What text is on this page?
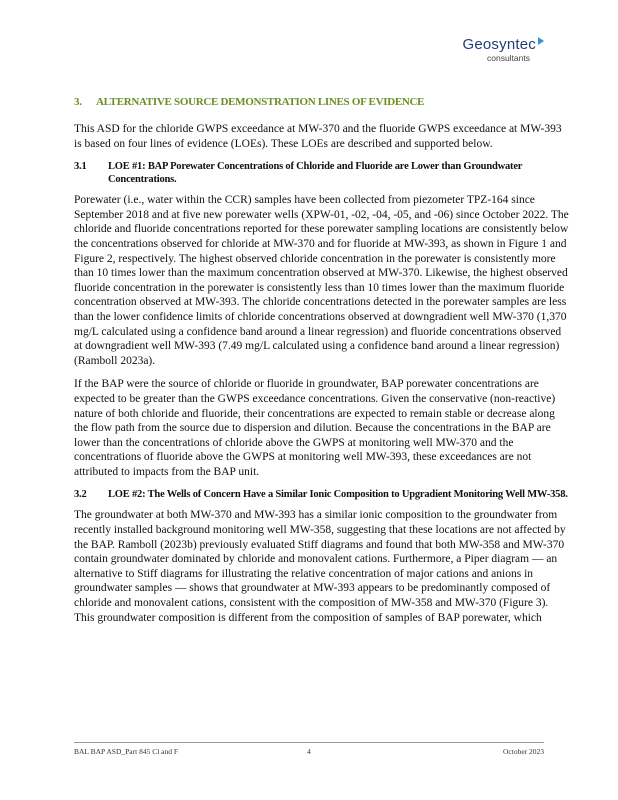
Geosyntec
consultants
3. ALTERNATIVE SOURCE DEMONSTRATION LINES OF EVIDENCE

This ASD for the chloride GWPS exceedance at MW-370 and the fluoride GWPS exceedance at MW-393 is based on four lines of evidence (LOEs). These LOEs are described and supported below.

3.1	LOE #1: BAP Porewater Concentrations of Chloride and Fluoride are Lower than Groundwater Concentrations.

Porewater (i.e., water within the CCR) samples have been collected from piezometer TPZ-164 since September 2018 and at five new porewater wells (XPW-01, -02, -04, -05, and -06) since October 2022. The chloride and fluoride concentrations reported for these porewater sampling locations are consistently below the concentrations observed for chloride at MW-370 and for fluoride at MW-393, as shown in Figure 1 and Figure 2, respectively. The highest observed chloride concentration in the porewater is consistently more than 10 times lower than the maximum concentration observed at MW-370. Likewise, the highest observed fluoride concentration in the porewater is consistently less than 10 times lower than the maximum fluoride concentration observed at MW-393. The chloride concentrations detected in the porewater samples are less than the lower confidence limits of chloride concentrations observed at downgradient well MW-370 (1,370 mg/L calculated using a confidence band around a linear regression) and fluoride concentrations observed at downgradient well MW-393 (7.49 mg/L calculated using a confidence band around a linear regression) (Ramboll 2023a).

If the BAP were the source of chloride or fluoride in groundwater, BAP porewater concentrations are expected to be greater than the GWPS exceedance concentrations. Given the conservative (non-reactive) nature of both chloride and fluoride, their concentrations are expected to remain stable or decrease along the flow path from the source due to dispersion and dilution. Because the concentrations in the BAP are lower than the concentrations of chloride above the GWPS at monitoring well MW-370 and the concentrations of fluoride above the GWPS at monitoring well MW-393, these exceedances are not attributed to impacts from the BAP unit.

3.2	LOE #2: The Wells of Concern Have a Similar Ionic Composition to Upgradient Monitoring Well MW-358.

The groundwater at both MW-370 and MW-393 has a similar ionic composition to the groundwater from recently installed background monitoring well MW-358, suggesting that these locations are not affected by the BAP. Ramboll (2023b) previously evaluated Stiff diagrams and found that both MW-358 and MW-370 contain groundwater dominated by chloride and monovalent cations. Furthermore, a Piper diagram — an alternative to Stiff diagrams for illustrating the relative concentration of major cations and anions in groundwater samples — shows that groundwater at MW-393 appears to be predominantly composed of chloride and monovalent cations, consistent with the composition of MW-358 and MW-370 (Figure 3). This groundwater composition is different from the composition of samples of BAP porewater, which

BAL BAP ASD_Part 845 Cl and F	4	October 2023
